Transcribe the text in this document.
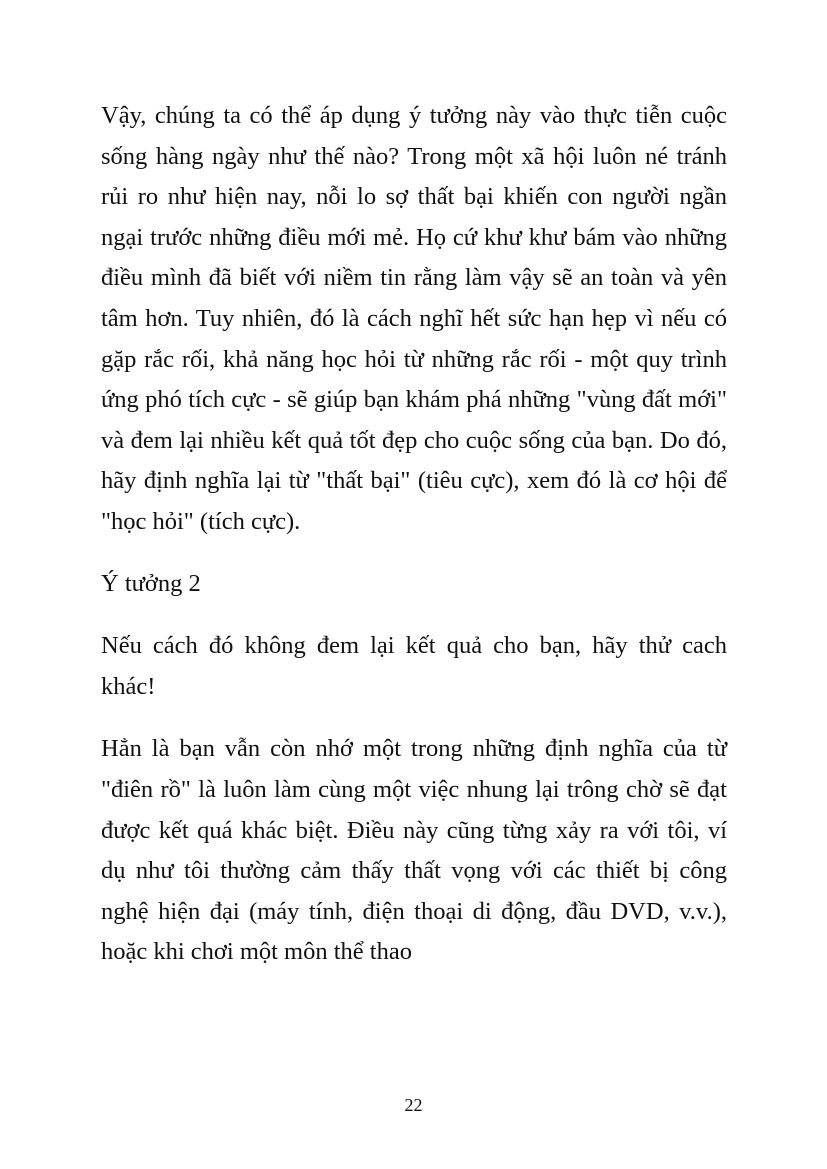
Vậy, chúng ta có thể áp dụng ý tưởng này vào thực tiễn cuộc sống hàng ngày như thế nào? Trong một xã hội luôn né tránh rủi ro như hiện nay, nỗi lo sợ thất bại khiến con người ngần ngại trước những điều mới mẻ. Họ cứ khư khư bám vào những điều mình đã biết với niềm tin rằng làm vậy sẽ an toàn và yên tâm hơn. Tuy nhiên, đó là cách nghĩ hết sức hạn hẹp vì nếu có gặp rắc rối, khả năng học hỏi từ những rắc rối - một quy trình ứng phó tích cực - sẽ giúp bạn khám phá những "vùng đất mới" và đem lại nhiều kết quả tốt đẹp cho cuộc sống của bạn. Do đó, hãy định nghĩa lại từ "thất bại" (tiêu cực), xem đó là cơ hội để "học hỏi" (tích cực).

Ý tưởng 2

Nếu cách đó không đem lại kết quả cho bạn, hãy thử cach khác!

Hẳn là bạn vẫn còn nhớ một trong những định nghĩa của từ "điên rồ" là luôn làm cùng một việc nhung lại trông chờ sẽ đạt được kết quá khác biệt. Điều này cũng từng xảy ra với tôi, ví dụ như tôi thường cảm thấy thất vọng với các thiết bị công nghệ hiện đại (máy tính, điện thoại di động, đầu DVD, v.v.), hoặc khi chơi một môn thể thao

22
